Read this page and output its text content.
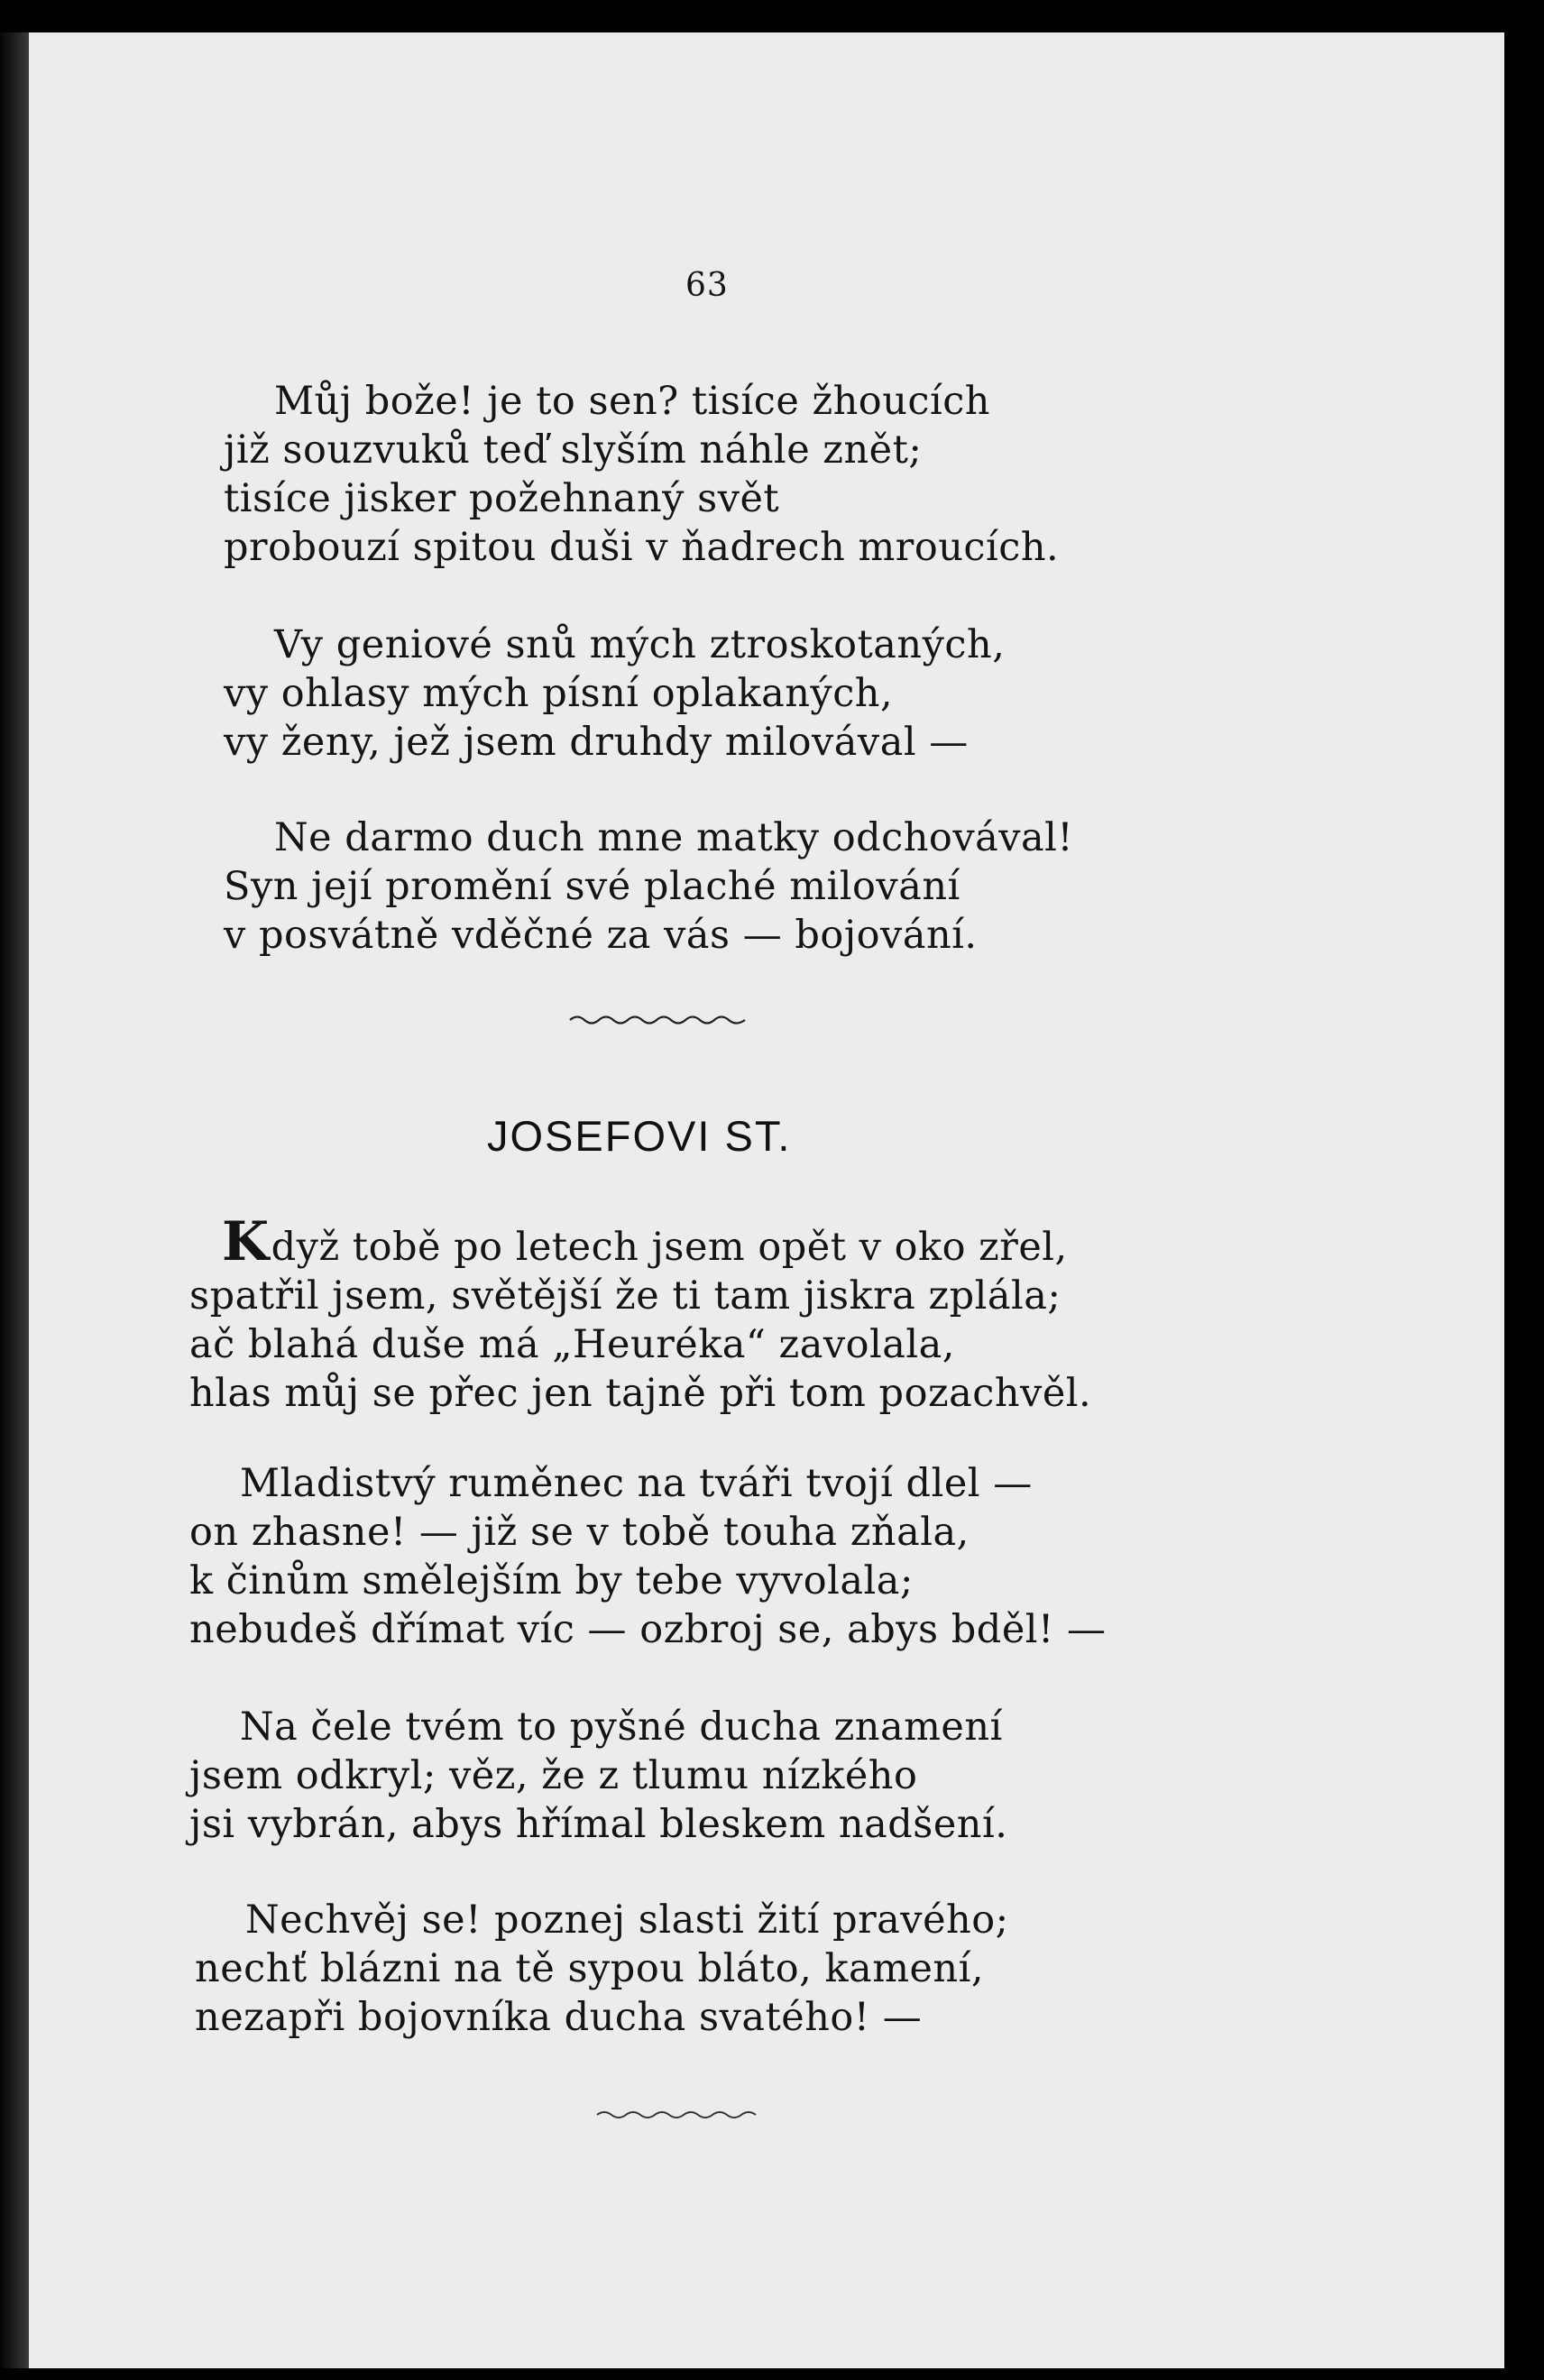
63
Můj bože! je to sen? tisíce žhoucích
již souzvuků teď slyším náhle znět;
tisíce jisker požehnaný svět
probouzí spitou duši v ňadrech mroucích.
Vy geniové snů mých ztroskotaných,
vy ohlasy mých písní oplakaných,
vy ženy, jež jsem druhdy milovával —
Ne darmo duch mne matky odchovával!
Syn její promění své plaché milování
v posvátně vděčné za vás — bojování.
JOSEFOVI ST.
Když tobě po letech jsem opět v oko zřel,
spatřil jsem, světější že ti tam jiskra zplála;
ač blahá duše má „Heuréka“ zavolala,
hlas můj se přec jen tajně při tom pozachvěl.
Mladistvý ruměnec na tváři tvojí dlel —
on zhasne! — již se v tobě touha zňala,
k činům smělejším by tebe vyvolala;
nebudeš dřímat víc — ozbroj se, abys bděl! —
Na čele tvém to pyšné ducha znamení
jsem odkryl; věz, že z tlumu nízkého
jsi vybrán, abys hřímal bleskem nadšení.
Nechvěj se! poznej slasti žití pravého;
nechť blázni na tě sypou bláto, kamení,
nezapři bojovníka ducha svatého! —
